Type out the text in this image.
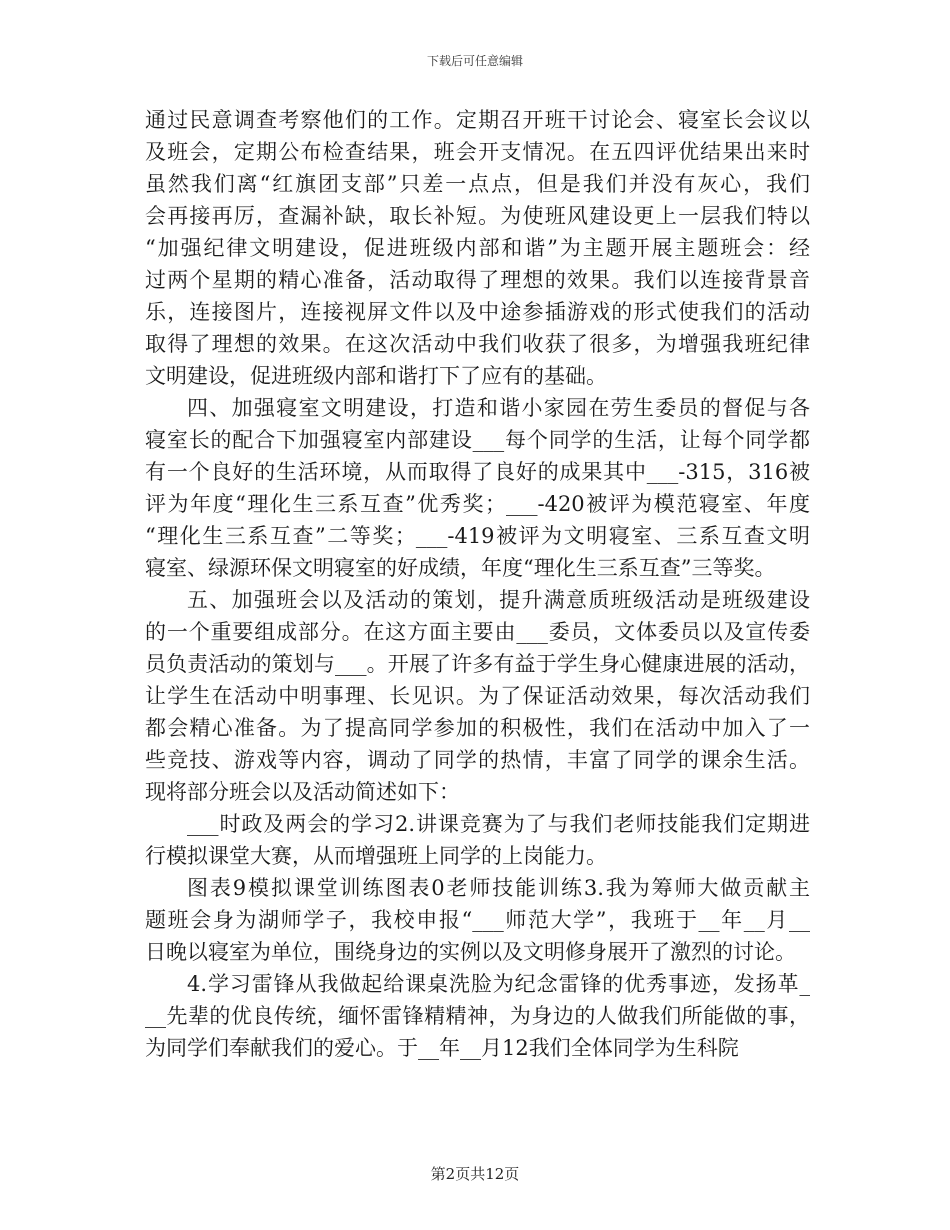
下载后可任意编辑
通过民意调查考察他们的工作。定期召开班干讨论会、寝室长会议以
及班会，定期公布检查结果，班会开支情况。在五四评优结果出来时
虽然我们离“红旗团支部”只差一点点，但是我们并没有灰心，我们
会再接再厉，查漏补缺，取长补短。为使班风建设更上一层我们特以
“加强纪律文明建设，促进班级内部和谐”为主题开展主题班会：经
过两个星期的精心准备，活动取得了理想的效果。我们以连接背景音
乐，连接图片，连接视屏文件以及中途参插游戏的形式使我们的活动
取得了理想的效果。在这次活动中我们收获了很多，为增强我班纪律
文明建设，促进班级内部和谐打下了应有的基础。
四、加强寝室文明建设，打造和谐小家园在劳生委员的督促与各
寝室长的配合下加强寝室内部建设___每个同学的生活，让每个同学都
有一个良好的生活环境，从而取得了良好的成果其中___-315，316被
评为年度“理化生三系互查”优秀奖；___-420被评为模范寝室、年度
“理化生三系互查”二等奖；___-419被评为文明寝室、三系互查文明
寝室、绿源环保文明寝室的好成绩，年度“理化生三系互查”三等奖。
五、加强班会以及活动的策划，提升满意质班级活动是班级建设
的一个重要组成部分。在这方面主要由___委员，文体委员以及宣传委
员负责活动的策划与___。开展了许多有益于学生身心健康进展的活动，
让学生在活动中明事理、长见识。为了保证活动效果，每次活动我们
都会精心准备。为了提高同学参加的积极性，我们在活动中加入了一
些竞技、游戏等内容，调动了同学的热情，丰富了同学的课余生活。
现将部分班会以及活动简述如下：
___时政及两会的学习2.讲课竞赛为了与我们老师技能我们定期进
行模拟课堂大赛，从而增强班上同学的上岗能力。
图表9模拟课堂训练图表0老师技能训练3.我为筹师大做贡献主
题班会身为湖师学子，我校申报“___师范大学”，我班于__年__月__
日晚以寝室为单位，围绕身边的实例以及文明修身展开了激烈的讨论。
4.学习雷锋从我做起给课桌洗脸为纪念雷锋的优秀事迹，发扬革_
__先辈的优良传统，缅怀雷锋精精神，为身边的人做我们所能做的事，
为同学们奉献我们的爱心。于__年__月12我们全体同学为生科院
第2页共12页
